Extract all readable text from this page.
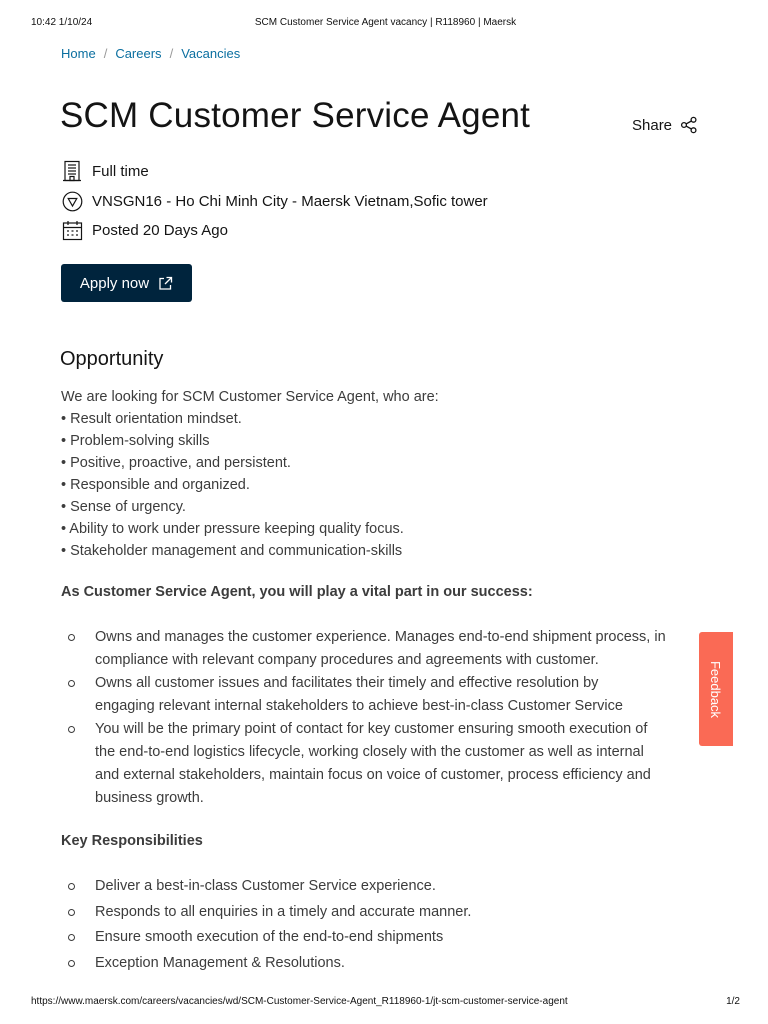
10:42 1/10/24	SCM Customer Service Agent vacancy | R118960 | Maersk
Home / Careers / Vacancies
SCM Customer Service Agent	Share
Full time
VNSGN16 - Ho Chi Minh City - Maersk Vietnam,Sofic tower
Posted 20 Days Ago
Apply now
Opportunity
We are looking for SCM Customer Service Agent, who are:
• Result orientation mindset.
• Problem-solving skills
• Positive, proactive, and persistent.
• Responsible and organized.
• Sense of urgency.
• Ability to work under pressure keeping quality focus.
• Stakeholder management and communication-skills
As Customer Service Agent, you will play a vital part in our success:
Owns and manages the customer experience. Manages end-to-end shipment process, in
compliance with relevant company procedures and agreements with customer.
Owns all customer issues and facilitates their timely and effective resolution by
engaging relevant internal stakeholders to achieve best-in-class Customer Service
You will be the primary point of contact for key customer ensuring smooth execution of
the end-to-end logistics lifecycle, working closely with the customer as well as internal
and external stakeholders, maintain focus on voice of customer, process efficiency and
business growth.
Key Responsibilities
Deliver a best-in-class Customer Service experience.
Responds to all enquiries in a timely and accurate manner.
Ensure smooth execution of the end-to-end shipments
Exception Management & Resolutions.
Feedback
https://www.maersk.com/careers/vacancies/wd/SCM-Customer-Service-Agent_R118960-1/jt-scm-customer-service-agent	1/2
